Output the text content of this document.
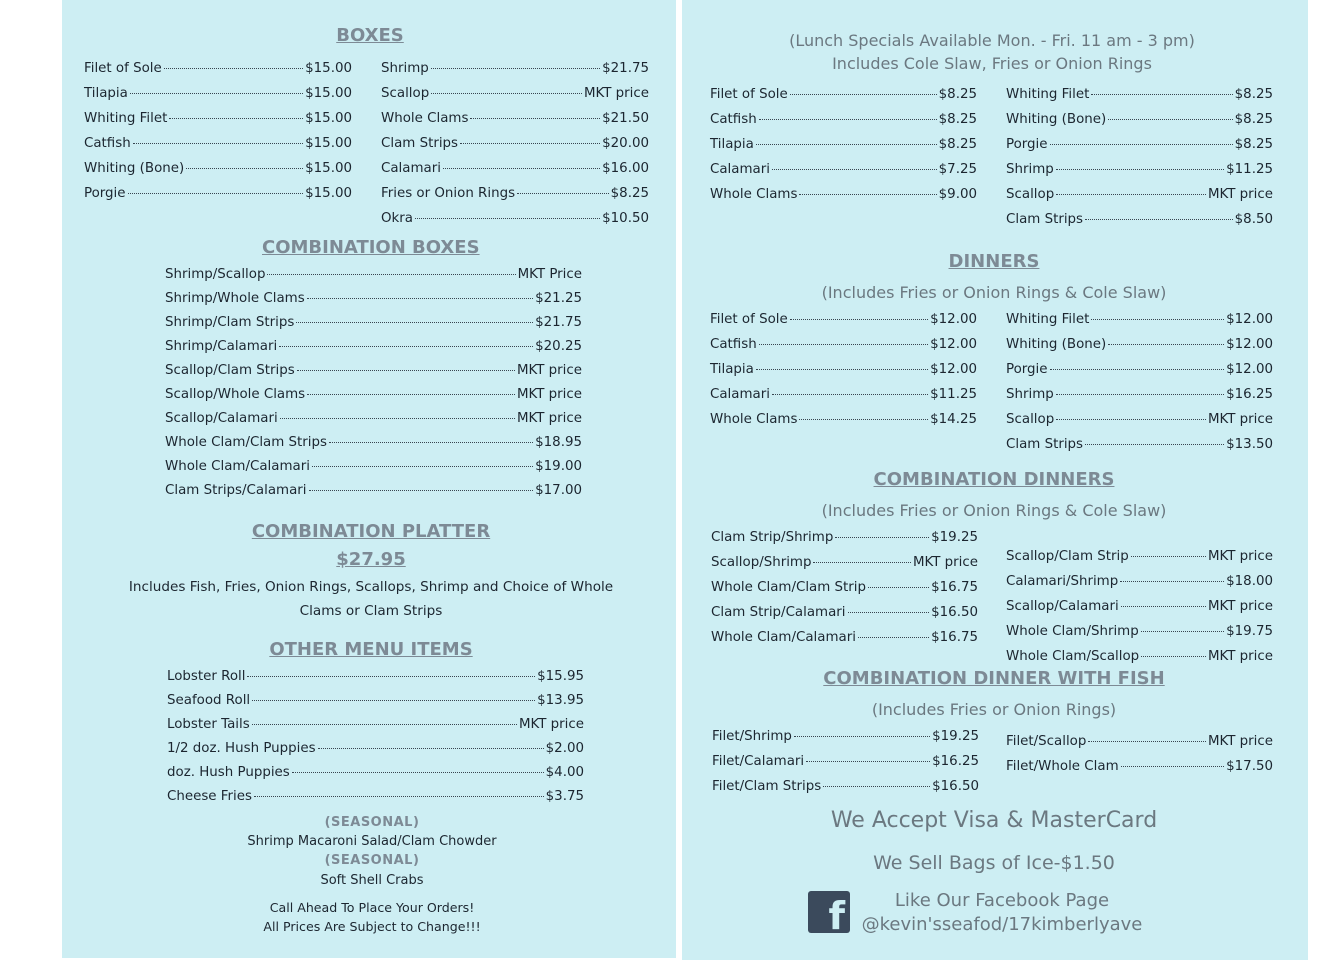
BOXES
Filet of Sole	$15.00
Tilapia	$15.00
Whiting Filet	$15.00
Catfish	$15.00
Whiting (Bone)	$15.00
Porgie	$15.00
Shrimp	$21.75
Scallop	MKT price
Whole Clams	$21.50
Clam Strips	$20.00
Calamari	$16.00
Fries or Onion Rings	$8.25
Okra	$10.50
COMBINATION BOXES
Shrimp/Scallop	MKT Price
Shrimp/Whole Clams	$21.25
Shrimp/Clam Strips	$21.75
Shrimp/Calamari	$20.25
Scallop/Clam Strips	MKT price
Scallop/Whole Clams	MKT price
Scallop/Calamari	MKT price
Whole Clam/Clam Strips	$18.95
Whole Clam/Calamari	$19.00
Clam Strips/Calamari	$17.00
COMBINATION PLATTER
$27.95
Includes Fish, Fries, Onion Rings, Scallops, Shrimp and Choice of Whole
Clams or Clam Strips
OTHER MENU ITEMS
Lobster Roll	$15.95
Seafood Roll	$13.95
Lobster Tails	MKT price
1/2 doz. Hush Puppies	$2.00
doz. Hush Puppies	$4.00
Cheese Fries	$3.75
(SEASONAL)
Shrimp Macaroni Salad/Clam Chowder
(SEASONAL)
Soft Shell Crabs
Call Ahead To Place Your Orders!
All Prices Are Subject to Change!!!
(Lunch Specials Available Mon. - Fri. 11 am - 3 pm)
Includes Cole Slaw, Fries or Onion Rings
Filet of Sole	$8.25
Catfish	$8.25
Tilapia	$8.25
Calamari	$7.25
Whole Clams	$9.00
Whiting Filet	$8.25
Whiting (Bone)	$8.25
Porgie	$8.25
Shrimp	$11.25
Scallop	MKT price
Clam Strips	$8.50
DINNERS
(Includes Fries or Onion Rings & Cole Slaw)
Filet of Sole	$12.00
Catfish	$12.00
Tilapia	$12.00
Calamari	$11.25
Whole Clams	$14.25
Whiting Filet	$12.00
Whiting (Bone)	$12.00
Porgie	$12.00
Shrimp	$16.25
Scallop	MKT price
Clam Strips	$13.50
COMBINATION DINNERS
(Includes Fries or Onion Rings & Cole Slaw)
Clam Strip/Shrimp	$19.25
Scallop/Shrimp	MKT price
Whole Clam/Clam Strip	$16.75
Clam Strip/Calamari	$16.50
Whole Clam/Calamari	$16.75
Scallop/Clam Strip	MKT price
Calamari/Shrimp	$18.00
Scallop/Calamari	MKT price
Whole Clam/Shrimp	$19.75
Whole Clam/Scallop	MKT price
COMBINATION DINNER WITH FISH
(Includes Fries or Onion Rings)
Filet/Shrimp	$19.25
Filet/Calamari	$16.25
Filet/Clam Strips	$16.50
Filet/Scallop	MKT price
Filet/Whole Clam	$17.50
We Accept Visa & MasterCard
We Sell Bags of Ice-$1.50
f	Like Our Facebook Page
@kevin'sseafod/17kimberlyave
